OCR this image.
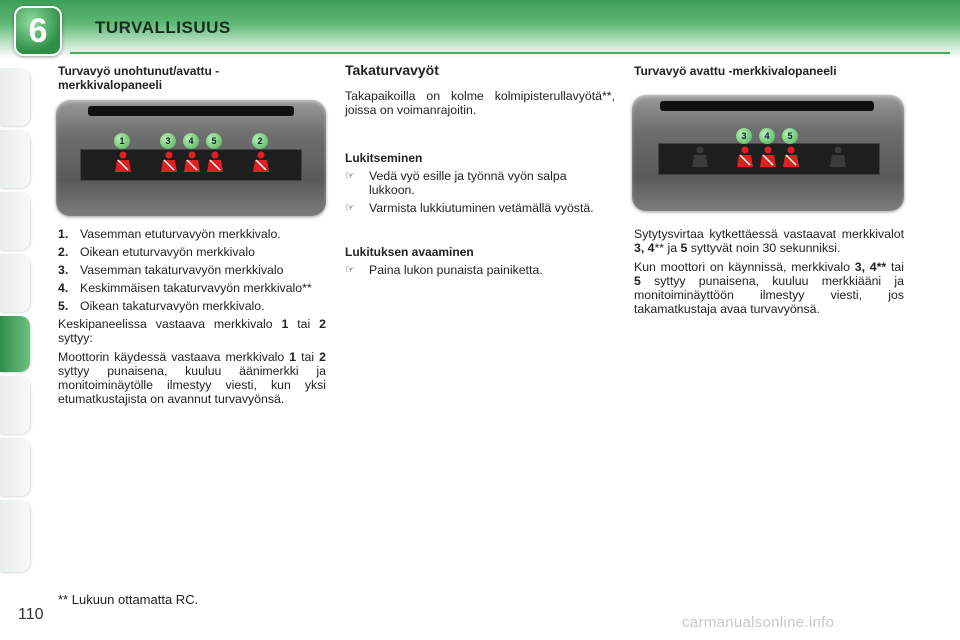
6	TURVALLISUUS
Turvavyö unohtunut/avattu - merkkivalopaneeli
1	3	4	5	2
1. Vasemman etuturvavyön merkkivalo.
2. Oikean etuturvavyön merkkivalo
3. Vasemman takaturvavyön merkkivalo
4. Keskimmäisen takaturvavyön merkkivalo**
5. Oikean takaturvavyön merkkivalo.

Keskipaneelissa vastaava merkkivalo 1 tai 2 syttyy:

Moottorin käydessä vastaava merkkivalo 1 tai 2 syttyy punaisena, kuuluu äänimerkki ja monitoiminäytölle ilmestyy viesti, kun yksi etumatkustajista on avannut turvavyönsä.

Takaturvavyöt

Takapaikoilla on kolme kolmipisterullavyötä**, joissa on voimanrajoitin.

Lukitseminen
☞	Vedä vyö esille ja työnnä vyön salpa lukkoon.
☞	Varmista lukkiutuminen vetämällä vyöstä.
Lukituksen avaaminen
☞	Paina lukon punaista painiketta.
Turvavyö avattu -merkkivalopaneeli
3	4	5

Sytytysvirtaa kytkettäessä vastaavat merkkivalot 3, 4** ja 5 syttyvät noin 30 sekunniksi.

Kun moottori on käynnissä, merkkivalo 3, 4** tai 5 syttyy punaisena, kuuluu merkkiääni ja monitoiminäyttöön ilmestyy viesti, jos takamatkustaja avaa turvavyönsä.

** Lukuun ottamatta RC.
110	carmanualsonline.info
